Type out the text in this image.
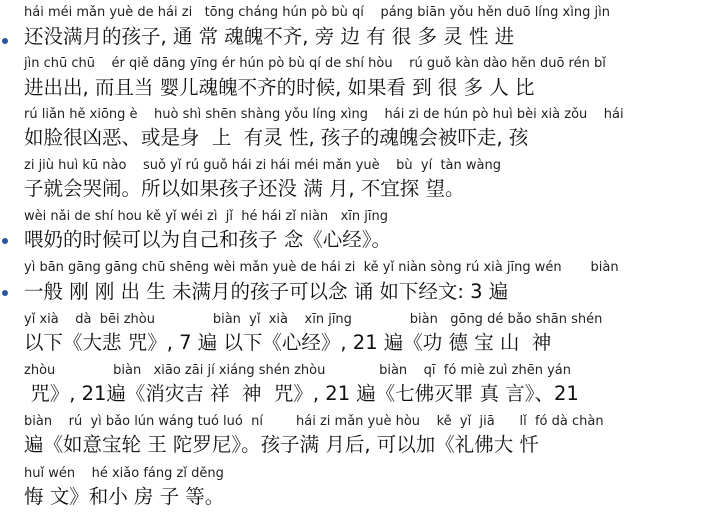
hái méi mǎn yuè de hái zi   tōng cháng hún pò bù qí    páng biān yǒu hěn duō líng xìng jìn
还没满月的孩子, 通 常 魂魄不齐, 旁 边 有 很 多 灵 性 进
jìn chū chū    ér qiě dāng yīng ér hún pò bù qí de shí hòu    rú guǒ kàn dào hěn duō rén bǐ
进出出, 而且当 婴儿魂魄不齐的时候, 如果看 到 很 多 人 比
rú liǎn hě xiōng è    huò shì shēn shàng yǒu líng xìng    hái zi de hún pò huì bèi xià zǒu    hái
如脸很凶恶、或是身  上  有灵 性, 孩子的魂魄会被吓走, 孩
zi jiù huì kū nào    suǒ yǐ rú guǒ hái zi hái méi mǎn yuè    bù  yí  tàn wàng
子就会哭闹。所以如果孩子还没 满 月, 不宜探 望。
wèi nǎi de shí hou kě yǐ wéi zì  jǐ  hé hái zǐ niàn   xīn jīng
喂奶的时候可以为自己和孩子 念《心经》。
yì bān gāng gāng chū shēng wèi mǎn yuè de hái zi  kě yǐ niàn sòng rú xià jīng wén       biàn
一般 刚 刚 出 生 未满月的孩子可以念 诵 如下经文: 3 遍
yǐ xià    dà  bēi zhòu              biàn  yǐ  xià    xīn jīng              biàn   gōng dé bǎo shān shén
以下《大悲 咒》, 7 遍 以下《心经》, 21 遍《功 德 宝 山  神
zhòu              biàn   xiāo zāi jí xiáng shén zhòu             biàn    qī  fó miè zuì zhēn yán
咒》, 21遍《消灾吉 祥  神  咒》, 21 遍《七佛灭罪 真 言》、21
biàn    rú  yì bǎo lún wáng tuó luó  ní        hái zi mǎn yuè hòu    kě  yǐ  jiā      lǐ  fó dà chàn
遍《如意宝轮 王 陀罗尼》。孩子满 月后, 可以加《礼佛大 忏
huǐ wén    hé xiǎo fáng zǐ děng
悔 文》和小 房 子 等。
